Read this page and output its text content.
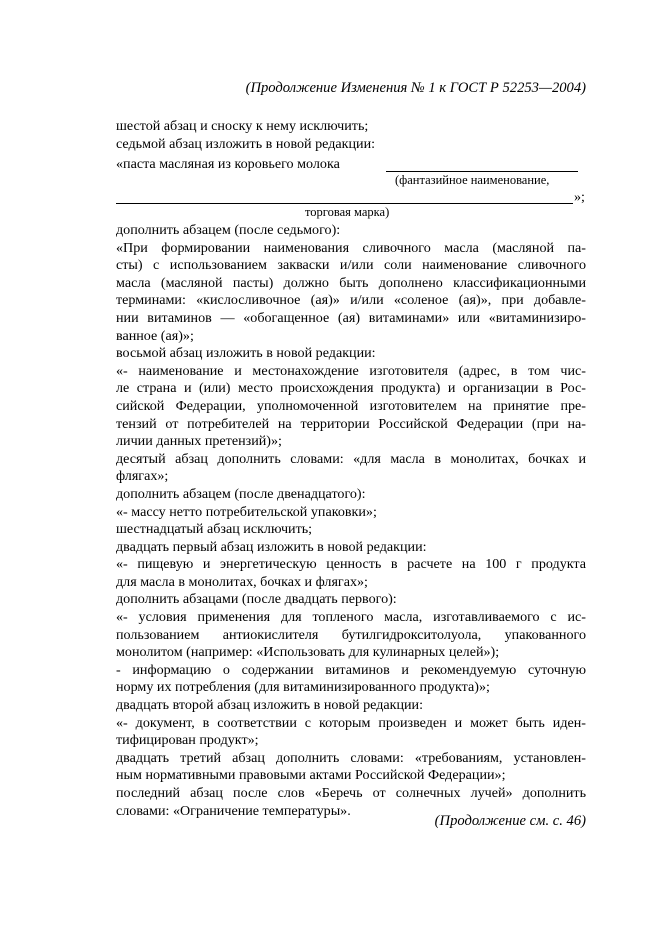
(Продолжение Изменения № 1 к ГОСТ Р 52253—2004)
шестой абзац и сноску к нему исключить;
седьмой абзац изложить в новой редакции:
«паста масляная из коровьего молока
(фантазийное наименование,
»;
торговая марка)
дополнить абзацем (после седьмого):
«При формировании наименования сливочного масла (масляной па-
сты) с использованием закваски и/или соли наименование сливочного
масла (масляной пасты) должно быть дополнено классификационными
терминами: «кислосливочное (ая)» и/или «соленое (ая)», при добавле-
нии витаминов — «обогащенное (ая) витаминами» или «витаминизиро-
ванное (ая)»;
восьмой абзац изложить в новой редакции:
«- наименование и местонахождение изготовителя (адрес, в том чис-
ле страна и (или) место происхождения продукта) и организации в Рос-
сийской Федерации, уполномоченной изготовителем на принятие пре-
тензий от потребителей на территории Российской Федерации (при на-
личии данных претензий)»;
десятый абзац дополнить словами: «для масла в монолитах, бочках и
флягах»;
дополнить абзацем (после двенадцатого):
«- массу нетто потребительской упаковки»;
шестнадцатый абзац исключить;
двадцать первый абзац изложить в новой редакции:
«- пищевую и энергетическую ценность в расчете на 100 г продукта
для масла в монолитах, бочках и флягах»;
дополнить абзацами (после двадцать первого):
«- условия применения для топленого масла, изготавливаемого с ис-
пользованием антиокислителя бутилгидрокситолуола, упакованного
монолитом (например: «Использовать для кулинарных целей»);
- информацию о содержании витаминов и рекомендуемую суточную
норму их потребления (для витаминизированного продукта)»;
двадцать второй абзац изложить в новой редакции:
«- документ, в соответствии с которым произведен и может быть иден-
тифицирован продукт»;
двадцать третий абзац дополнить словами: «требованиям, установлен-
ным нормативными правовыми актами Российской Федерации»;
последний абзац после слов «Беречь от солнечных лучей» дополнить
словами: «Ограничение температуры».
(Продолжение см. с. 46)
